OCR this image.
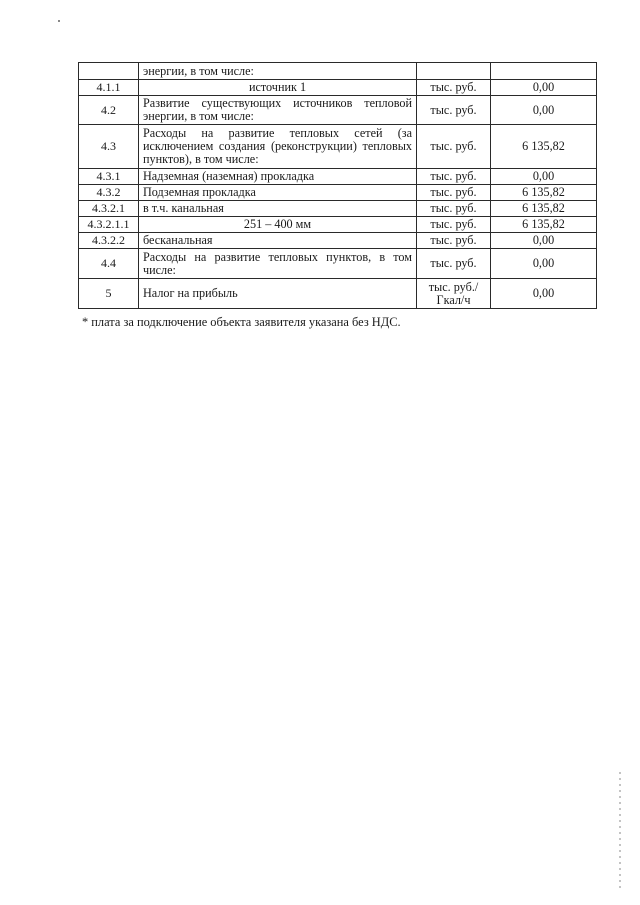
	энергии, в том числе:		
4.1.1	источник 1	тыс. руб.	0,00
4.2	Развитие существующих источников тепловой энергии, в том числе:	тыс. руб.	0,00
4.3	Расходы на развитие тепловых сетей (за исключением создания (реконструкции) тепловых пунктов), в том числе:	тыс. руб.	6 135,82
4.3.1	Надземная (наземная) прокладка	тыс. руб.	0,00
4.3.2	Подземная прокладка	тыс. руб.	6 135,82
4.3.2.1	в т.ч. канальная	тыс. руб.	6 135,82
4.3.2.1.1	251 – 400 мм	тыс. руб.	6 135,82
4.3.2.2	бесканальная	тыс. руб.	0,00
4.4	Расходы на развитие тепловых пунктов, в том числе:	тыс. руб.	0,00
5	Налог на прибыль	тыс. руб./ Гкал/ч	0,00
* плата за подключение объекта заявителя указана без НДС.
